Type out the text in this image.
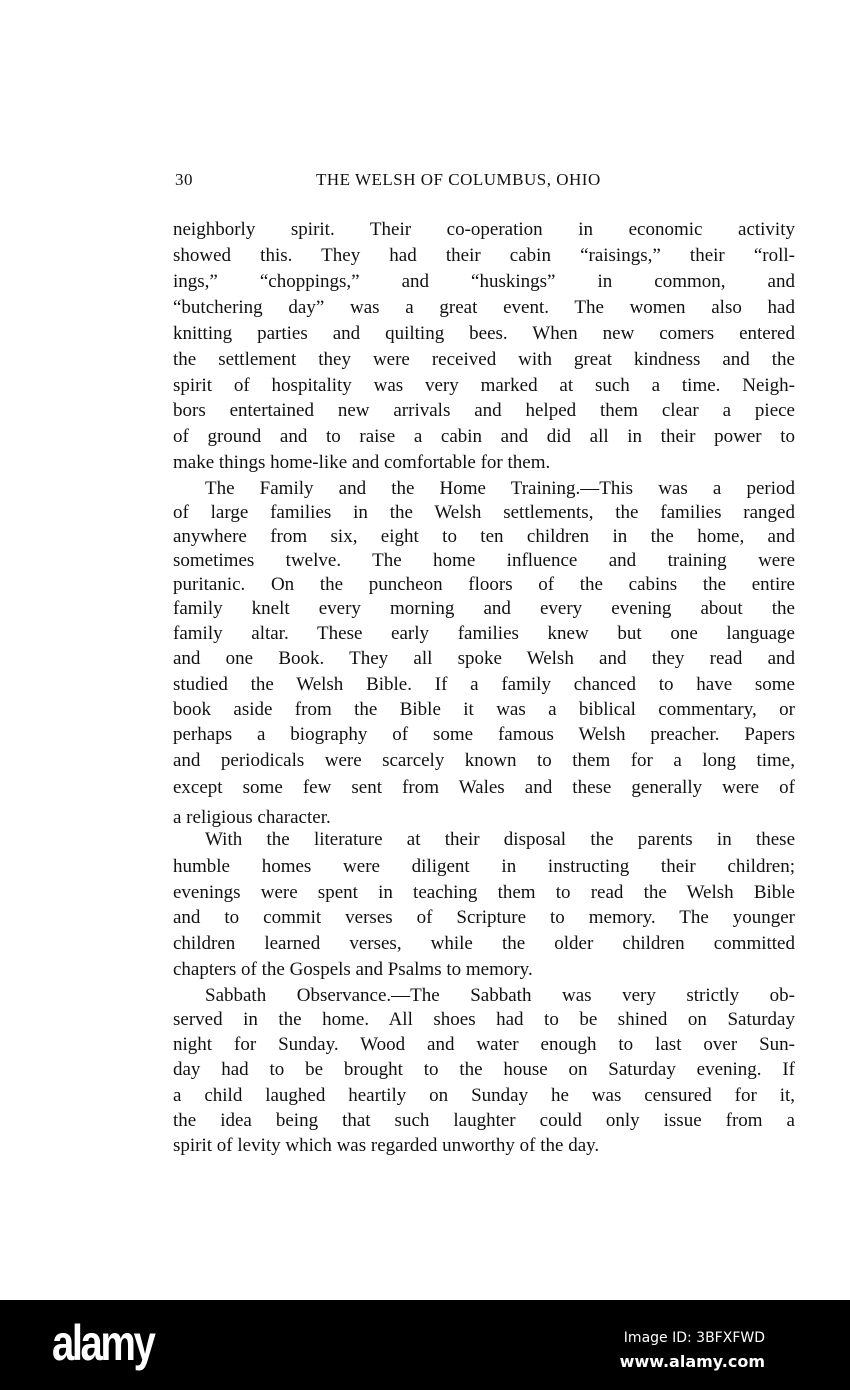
30	THE WELSH OF COLUMBUS, OHIO
neighborly spirit. Their co-operation in economic activity
showed this. They had their cabin “raisings,” their “roll-
ings,” “choppings,” and “huskings” in common, and
“butchering day” was a great event. The women also had
knitting parties and quilting bees. When new comers entered
the settlement they were received with great kindness and the
spirit of hospitality was very marked at such a time. Neigh-
bors entertained new arrivals and helped them clear a piece
of ground and to raise a cabin and did all in their power to
make things home-like and comfortable for them.
The Family and the Home Training.—This was a period
of large families in the Welsh settlements, the families ranged
anywhere from six, eight to ten children in the home, and
sometimes twelve. The home influence and training were
puritanic. On the puncheon floors of the cabins the entire
family knelt every morning and every evening about the
family altar. These early families knew but one language
and one Book. They all spoke Welsh and they read and
studied the Welsh Bible. If a family chanced to have some
book aside from the Bible it was a biblical commentary, or
perhaps a biography of some famous Welsh preacher. Papers
and periodicals were scarcely known to them for a long time,
except some few sent from Wales and these generally were of
a religious character.
With the literature at their disposal the parents in these
humble homes were diligent in instructing their children;
evenings were spent in teaching them to read the Welsh Bible
and to commit verses of Scripture to memory. The younger
children learned verses, while the older children committed
chapters of the Gospels and Psalms to memory.
Sabbath Observance.—The Sabbath was very strictly ob-
served in the home. All shoes had to be shined on Saturday
night for Sunday. Wood and water enough to last over Sun-
day had to be brought to the house on Saturday evening. If
a child laughed heartily on Sunday he was censured for it,
the idea being that such laughter could only issue from a
spirit of levity which was regarded unworthy of the day.
alamy	Image ID: 3BFXFWD
www.alamy.com
